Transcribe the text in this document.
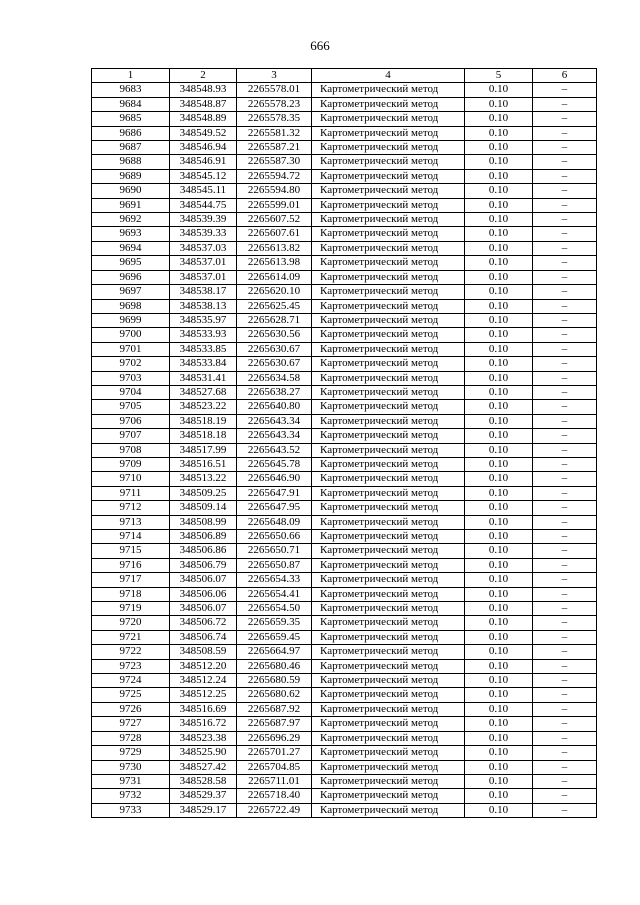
666
1	2	3	4	5	6
9683	348548.93	2265578.01	Картометрический метод	0.10	–
9684	348548.87	2265578.23	Картометрический метод	0.10	–
9685	348548.89	2265578.35	Картометрический метод	0.10	–
9686	348549.52	2265581.32	Картометрический метод	0.10	–
9687	348546.94	2265587.21	Картометрический метод	0.10	–
9688	348546.91	2265587.30	Картометрический метод	0.10	–
9689	348545.12	2265594.72	Картометрический метод	0.10	–
9690	348545.11	2265594.80	Картометрический метод	0.10	–
9691	348544.75	2265599.01	Картометрический метод	0.10	–
9692	348539.39	2265607.52	Картометрический метод	0.10	–
9693	348539.33	2265607.61	Картометрический метод	0.10	–
9694	348537.03	2265613.82	Картометрический метод	0.10	–
9695	348537.01	2265613.98	Картометрический метод	0.10	–
9696	348537.01	2265614.09	Картометрический метод	0.10	–
9697	348538.17	2265620.10	Картометрический метод	0.10	–
9698	348538.13	2265625.45	Картометрический метод	0.10	–
9699	348535.97	2265628.71	Картометрический метод	0.10	–
9700	348533.93	2265630.56	Картометрический метод	0.10	–
9701	348533.85	2265630.67	Картометрический метод	0.10	–
9702	348533.84	2265630.67	Картометрический метод	0.10	–
9703	348531.41	2265634.58	Картометрический метод	0.10	–
9704	348527.68	2265638.27	Картометрический метод	0.10	–
9705	348523.22	2265640.80	Картометрический метод	0.10	–
9706	348518.19	2265643.34	Картометрический метод	0.10	–
9707	348518.18	2265643.34	Картометрический метод	0.10	–
9708	348517.99	2265643.52	Картометрический метод	0.10	–
9709	348516.51	2265645.78	Картометрический метод	0.10	–
9710	348513.22	2265646.90	Картометрический метод	0.10	–
9711	348509.25	2265647.91	Картометрический метод	0.10	–
9712	348509.14	2265647.95	Картометрический метод	0.10	–
9713	348508.99	2265648.09	Картометрический метод	0.10	–
9714	348506.89	2265650.66	Картометрический метод	0.10	–
9715	348506.86	2265650.71	Картометрический метод	0.10	–
9716	348506.79	2265650.87	Картометрический метод	0.10	–
9717	348506.07	2265654.33	Картометрический метод	0.10	–
9718	348506.06	2265654.41	Картометрический метод	0.10	–
9719	348506.07	2265654.50	Картометрический метод	0.10	–
9720	348506.72	2265659.35	Картометрический метод	0.10	–
9721	348506.74	2265659.45	Картометрический метод	0.10	–
9722	348508.59	2265664.97	Картометрический метод	0.10	–
9723	348512.20	2265680.46	Картометрический метод	0.10	–
9724	348512.24	2265680.59	Картометрический метод	0.10	–
9725	348512.25	2265680.62	Картометрический метод	0.10	–
9726	348516.69	2265687.92	Картометрический метод	0.10	–
9727	348516.72	2265687.97	Картометрический метод	0.10	–
9728	348523.38	2265696.29	Картометрический метод	0.10	–
9729	348525.90	2265701.27	Картометрический метод	0.10	–
9730	348527.42	2265704.85	Картометрический метод	0.10	–
9731	348528.58	2265711.01	Картометрический метод	0.10	–
9732	348529.37	2265718.40	Картометрический метод	0.10	–
9733	348529.17	2265722.49	Картометрический метод	0.10	–
